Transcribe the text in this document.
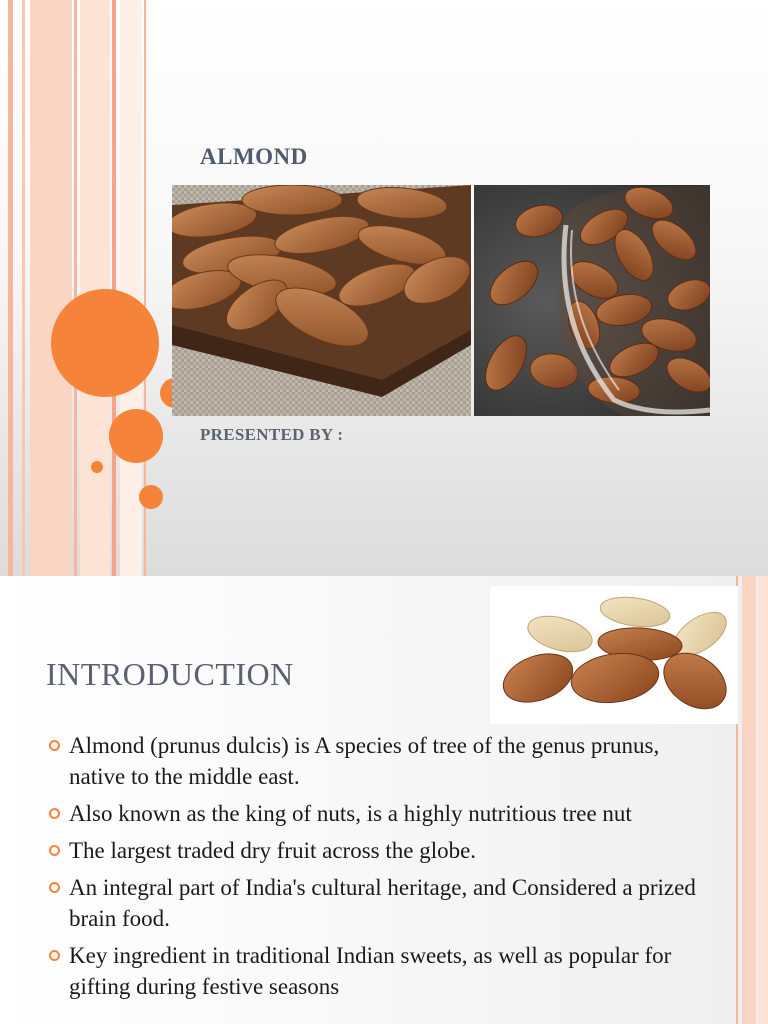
ALMOND
PRESENTED BY :
INTRODUCTION
Almond (prunus dulcis) is A species of tree of the genus prunus, native to the middle east.
Also known as the king of nuts, is a highly nutritious tree nut
The largest traded dry fruit across the globe.
An integral part of India's cultural heritage, and Considered a prized brain food.
Key ingredient in traditional Indian sweets, as well as popular for gifting during festive seasons
